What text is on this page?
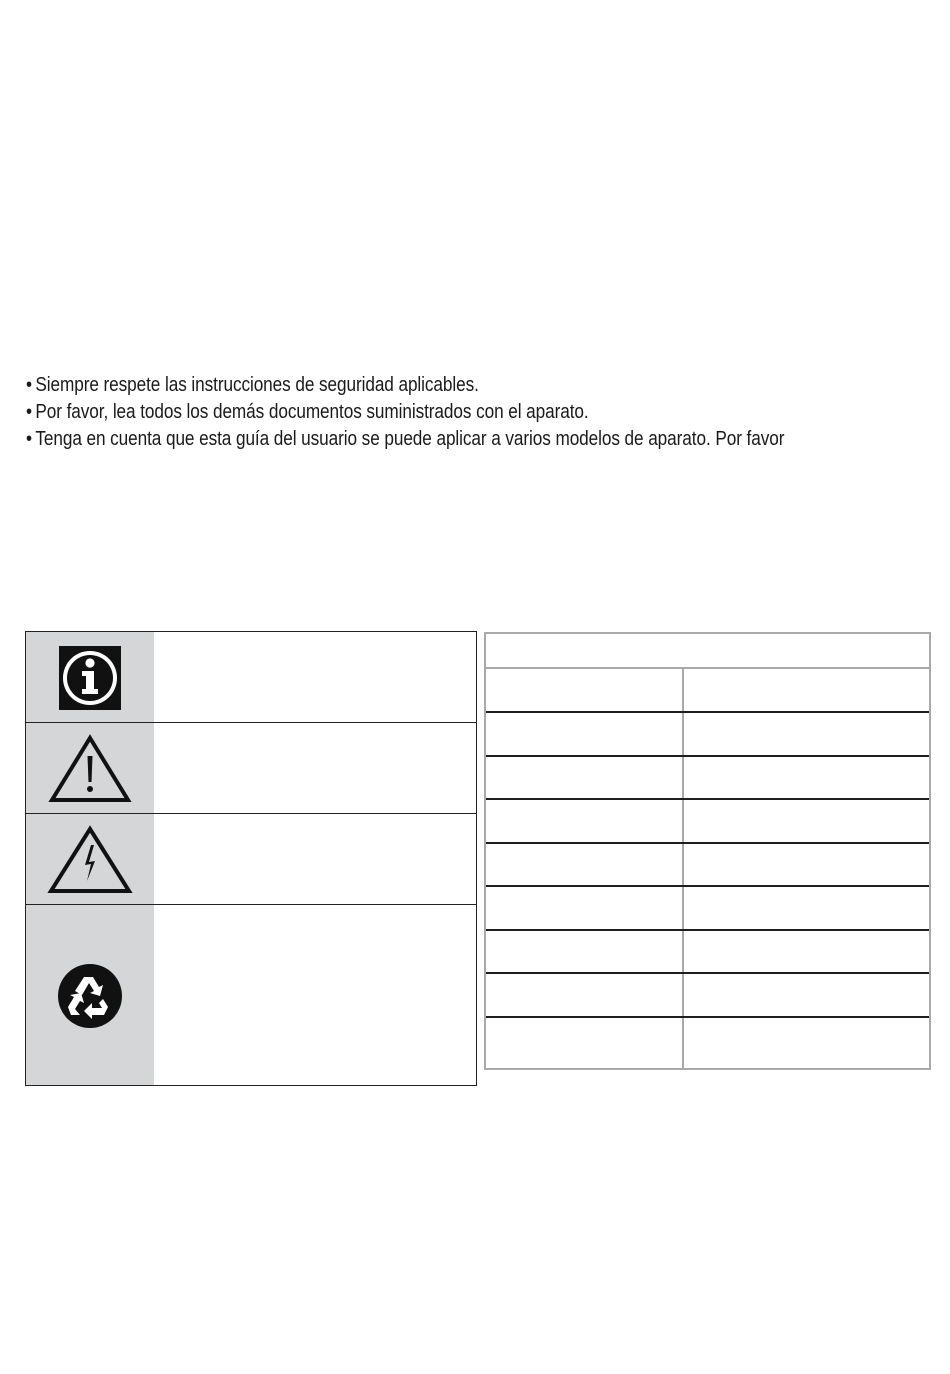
• Siempre respete las instrucciones de seguridad aplicables.
• Por favor, lea todos los demás documentos suministrados con el aparato.
• Tenga en cuenta que esta guía del usuario se puede aplicar a varios modelos de aparato. Por favor
